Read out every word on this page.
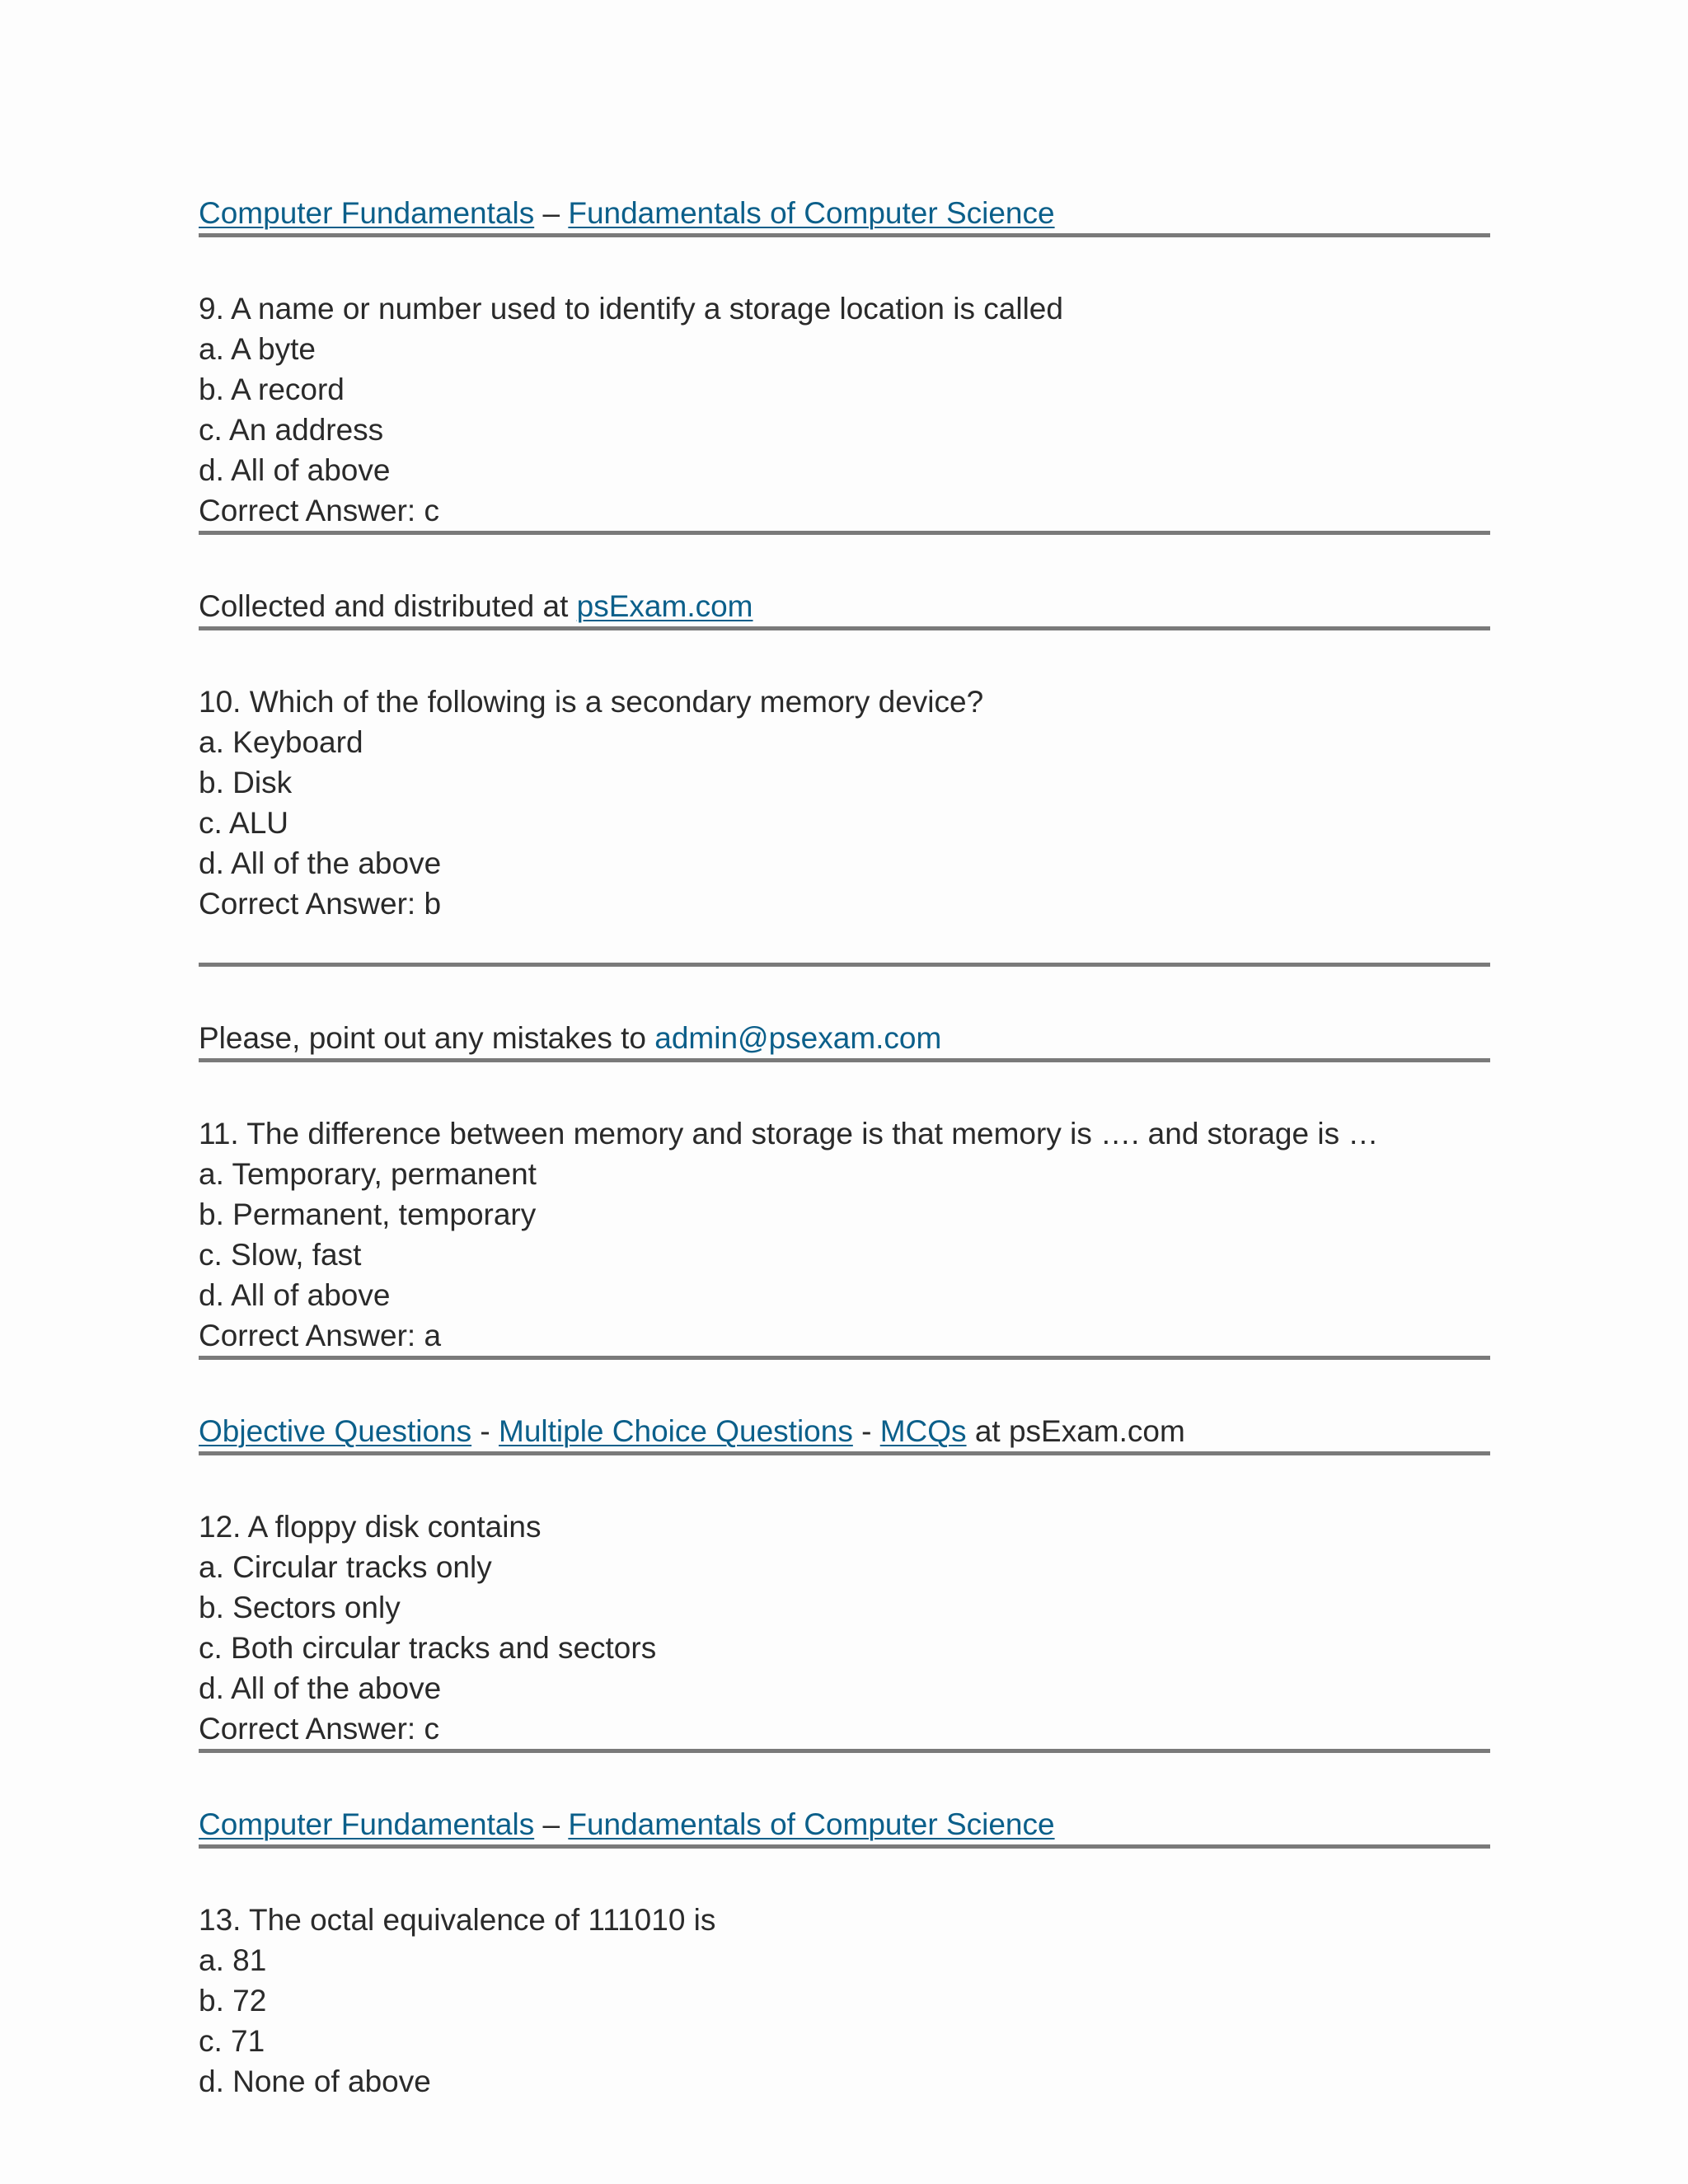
Computer Fundamentals – Fundamentals of Computer Science
9. A name or number used to identify a storage location is called
a. A byte
b. A record
c. An address
d. All of above
Correct Answer: c
Collected and distributed at psExam.com
10. Which of the following is a secondary memory device?
a. Keyboard
b. Disk
c. ALU
d. All of the above
Correct Answer: b
Please, point out any mistakes to admin@psexam.com
11. The difference between memory and storage is that memory is …. and storage is …
a. Temporary, permanent
b. Permanent, temporary
c. Slow, fast
d. All of above
Correct Answer: a
Objective Questions - Multiple Choice Questions - MCQs at psExam.com
12. A floppy disk contains
a. Circular tracks only
b. Sectors only
c. Both circular tracks and sectors
d. All of the above
Correct Answer: c
Computer Fundamentals – Fundamentals of Computer Science
13. The octal equivalence of 111010 is
a. 81
b. 72
c. 71
d. None of above
